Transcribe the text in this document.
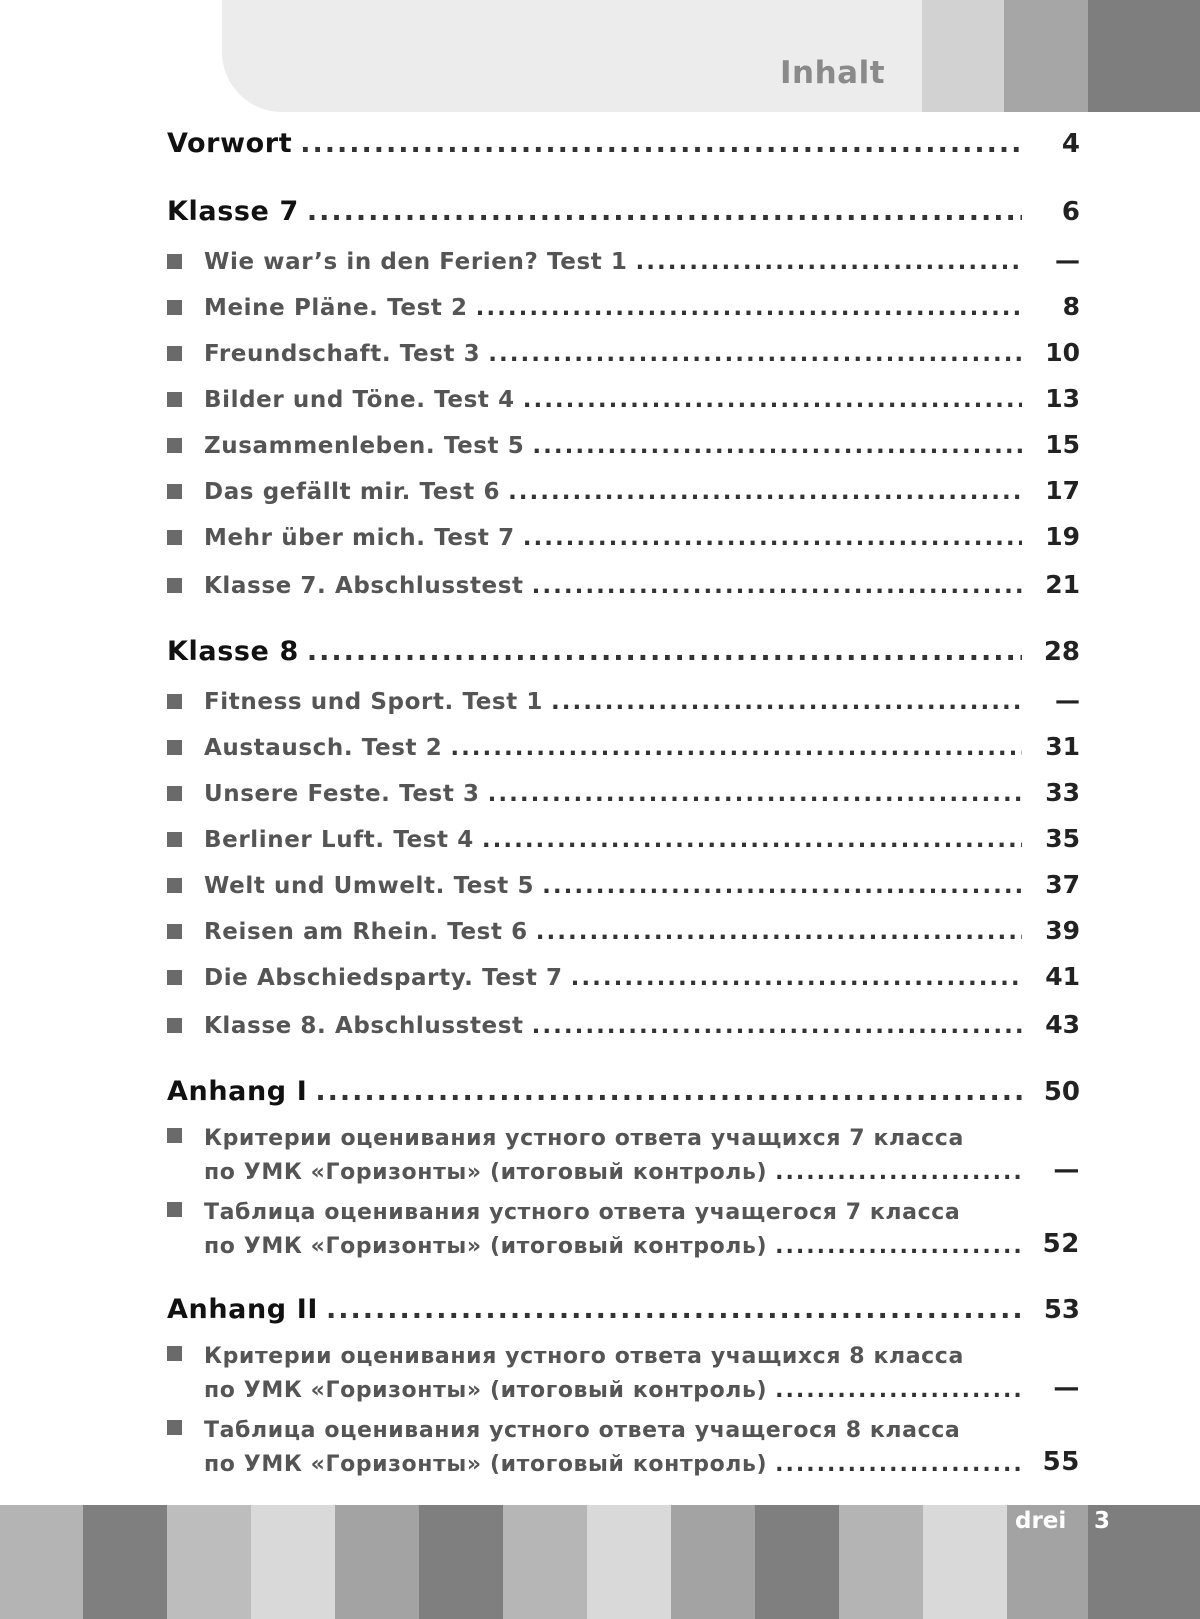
Inhalt
Vorwort .....	4
Klasse 7 .....	6
Wie war’s in den Ferien? Test 1 .....	—
Meine Pläne. Test 2 .....	8
Freundschaft. Test 3 .....	10
Bilder und Töne. Test 4 .....	13
Zusammenleben. Test 5 .....	15
Das gefällt mir. Test 6 .....	17
Mehr über mich. Test 7 .....	19
Klasse 7. Abschlusstest .....	21
Klasse 8 .....	28
Fitness und Sport. Test 1 .....	—
Austausch. Test 2 .....	31
Unsere Feste. Test 3 .....	33
Berliner Luft. Test 4 .....	35
Welt und Umwelt. Test 5 .....	37
Reisen am Rhein. Test 6 .....	39
Die Abschiedsparty. Test 7 .....	41
Klasse 8. Abschlusstest .....	43
Anhang I .....	50
Критерии оценивания устного ответа учащихся 7 класса
по УМК «Горизонты» (итоговый контроль) .....	—
Таблица оценивания устного ответа учащегося 7 класса
по УМК «Горизонты» (итоговый контроль) .....	52
Anhang II .....	53
Критерии оценивания устного ответа учащихся 8 класса
по УМК «Горизонты» (итоговый контроль) .....	—
Таблица оценивания устного ответа учащегося 8 класса
по УМК «Горизонты» (итоговый контроль) .....	55
drei	3
